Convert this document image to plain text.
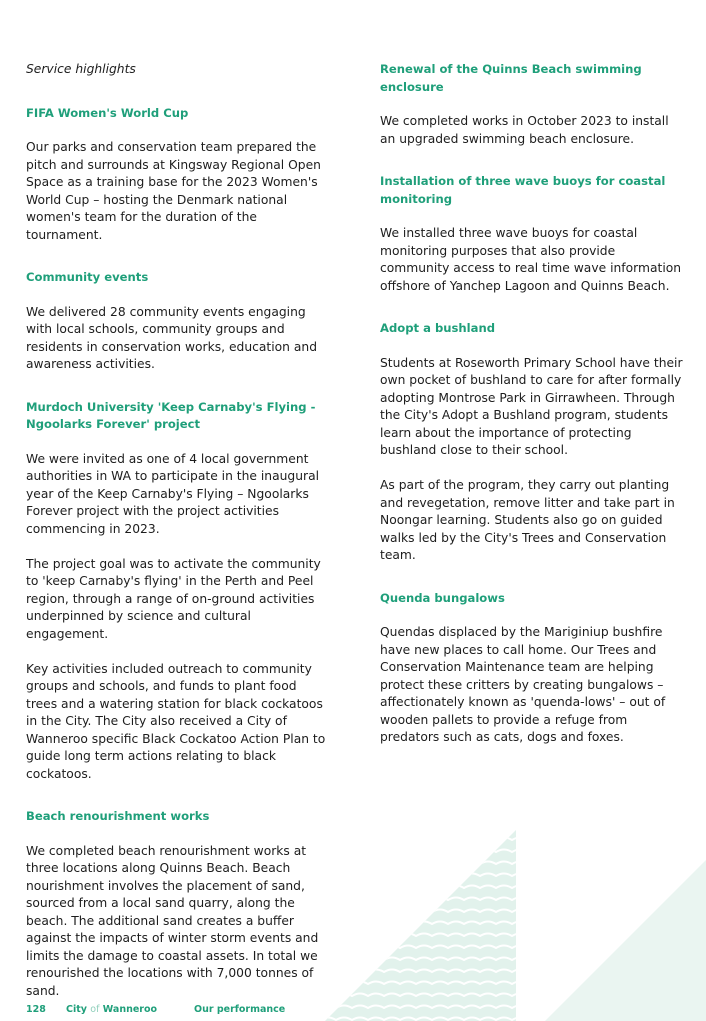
Service highlights
FIFA Women's World Cup
Our parks and conservation team prepared the pitch and surrounds at Kingsway Regional Open Space as a training base for the 2023 Women's World Cup – hosting the Denmark national women's team for the duration of the tournament.
Community events
We delivered 28 community events engaging with local schools, community groups and residents in conservation works, education and awareness activities.
Murdoch University 'Keep Carnaby's Flying - Ngoolarks Forever' project
We were invited as one of 4 local government authorities in WA to participate in the inaugural year of the Keep Carnaby's Flying – Ngoolarks Forever project with the project activities commencing in 2023.
The project goal was to activate the community to 'keep Carnaby's flying' in the Perth and Peel region, through a range of on-ground activities underpinned by science and cultural engagement.
Key activities included outreach to community groups and schools, and funds to plant food trees and a watering station for black cockatoos in the City. The City also received a City of Wanneroo specific Black Cockatoo Action Plan to guide long term actions relating to black cockatoos.
Beach renourishment works
We completed beach renourishment works at three locations along Quinns Beach. Beach nourishment involves the placement of sand, sourced from a local sand quarry, along the beach. The additional sand creates a buffer against the impacts of winter storm events and limits the damage to coastal assets. In total we renourished the locations with 7,000 tonnes of sand.
Renewal of the Quinns Beach swimming enclosure
We completed works in October 2023 to install an upgraded swimming beach enclosure.
Installation of three wave buoys for coastal monitoring
We installed three wave buoys for coastal monitoring purposes that also provide community access to real time wave information offshore of Yanchep Lagoon and Quinns Beach.
Adopt a bushland
Students at Roseworth Primary School have their own pocket of bushland to care for after formally adopting Montrose Park in Girrawheen. Through the City's Adopt a Bushland program, students learn about the importance of protecting bushland close to their school.
As part of the program, they carry out planting and revegetation, remove litter and take part in Noongar learning. Students also go on guided walks led by the City's Trees and Conservation team.
Quenda bungalows
Quendas displaced by the Mariginiup bushfire have new places to call home. Our Trees and Conservation Maintenance team are helping protect these critters by creating bungalows – affectionately known as 'quenda-lows' – out of wooden pallets to provide a refuge from predators such as cats, dogs and foxes.
128	City of Wanneroo	Our performance
